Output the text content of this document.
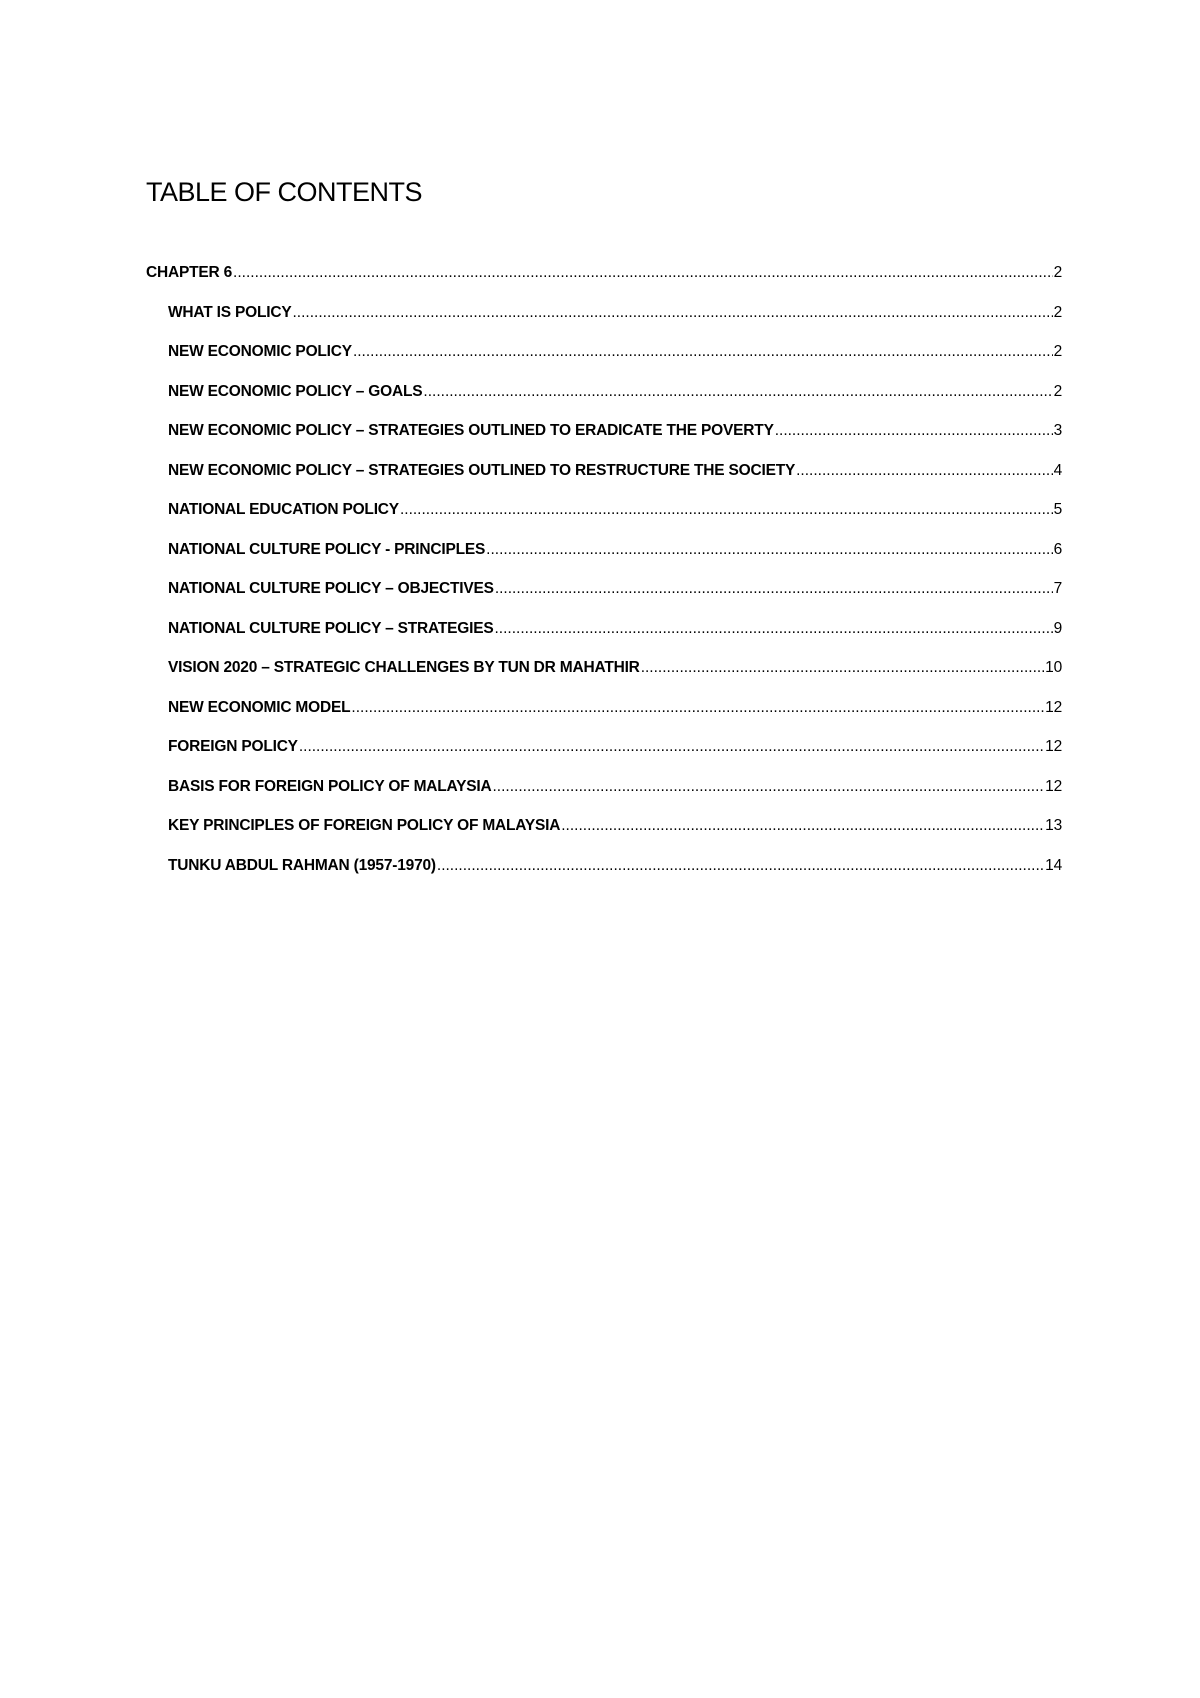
TABLE OF CONTENTS
CHAPTER 6 .....	2
WHAT IS POLICY .....	2
NEW ECONOMIC POLICY .....	2
NEW ECONOMIC POLICY – GOALS .....	2
NEW ECONOMIC POLICY – STRATEGIES OUTLINED TO ERADICATE THE POVERTY .....	3
NEW ECONOMIC POLICY – STRATEGIES OUTLINED TO RESTRUCTURE THE SOCIETY .....	4
NATIONAL EDUCATION POLICY .....	5
NATIONAL CULTURE POLICY - PRINCIPLES .....	6
NATIONAL CULTURE POLICY – OBJECTIVES .....	7
NATIONAL CULTURE POLICY – STRATEGIES .....	9
VISION 2020 – STRATEGIC CHALLENGES BY TUN DR MAHATHIR .....	10
NEW ECONOMIC MODEL .....	12
FOREIGN POLICY .....	12
BASIS FOR FOREIGN POLICY OF MALAYSIA .....	12
KEY PRINCIPLES OF FOREIGN POLICY OF MALAYSIA .....	13
TUNKU ABDUL RAHMAN (1957-1970) .....	14
